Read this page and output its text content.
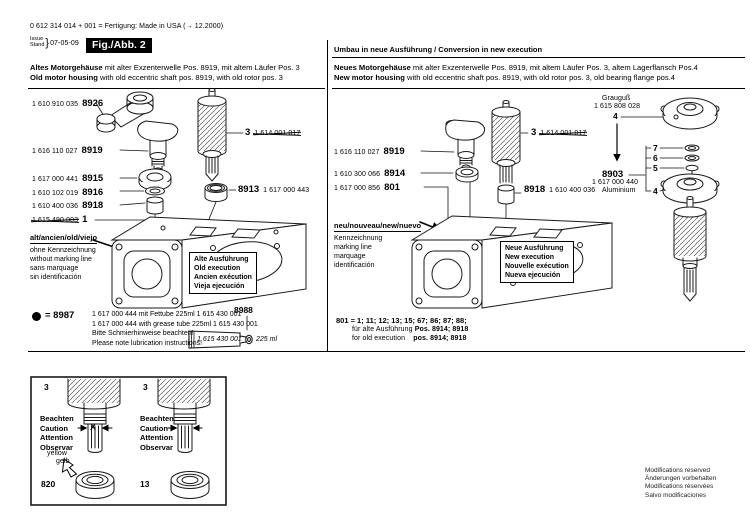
0 612 314 014 + 001 = Fertigung: Made in USA (→ 12.2000)
Issue
Stand } 07-05-09	Fig./Abb. 2
Altes Motorgehäuse mit alter Exzenterwelle Pos. 8919, mit altem Läufer Pos. 3
Old motor housing with old eccentric shaft pos. 8919, with old rotor pos. 3
Umbau in neue Ausführung / Conversion in new execution
Neues Motorgehäuse mit alter Exzenterwelle Pos. 8919, mit altem Läufer Pos. 3, altem Lagerflansch Pos.4
New motor housing with old eccentric shaft pos. 8919, with old rotor pos. 3, old bearing flange pos.4
1 610 910 035 8926
1 616 110 027 8919
1 617 000 441 8915
1 610 102 019 8916
1 610 400 036 8918
1 615 490 003 1
3 1 614 001 017
8913 1 617 000 443
alt/ancien/old/viejo
ohne Kennzeichnung
without marking line
sans marquage
sin identificación
Alte Ausführung
Old execution
Ancien exécution
Vieja ejecución
= 8987	1 617 000 444 mit Fettube 225ml 1 615 430 001
1 617 000 444 with grease tube 225ml 1 615 430 001
Bitte Schmierhinweise beachten!
Please note lubrication instructions!
8988
1 615 430 001 225 ml
1 616 110 027 8919
1 610 300 066 8914
1 617 000 856 801
3 1 614 001 017
8918 1 610 400 036
neu/nouveau/new/nuevo
Kennzeichnung
marking line
marquage
identificación
Neue Ausführung
New execution
Nouvelle exécution
Nueva ejecución
Grauguß
1 615 808 028
4
8903
1 617 000 440
Aluminium
7
6
5
4
801 = 1; 11; 12; 13; 15; 67; 86; 87; 88;
für alte Ausführung Pos. 8914; 8918
for old execution    pos. 8914; 8918
3	3
Beachten
Caution
Attention
Observar
Beachten
Caution
Attention
Observar
X
yellow
gelb
820	13
Modifications reserved
Änderungen vorbehalten
Modifications réservées
Salvo modificaciones
